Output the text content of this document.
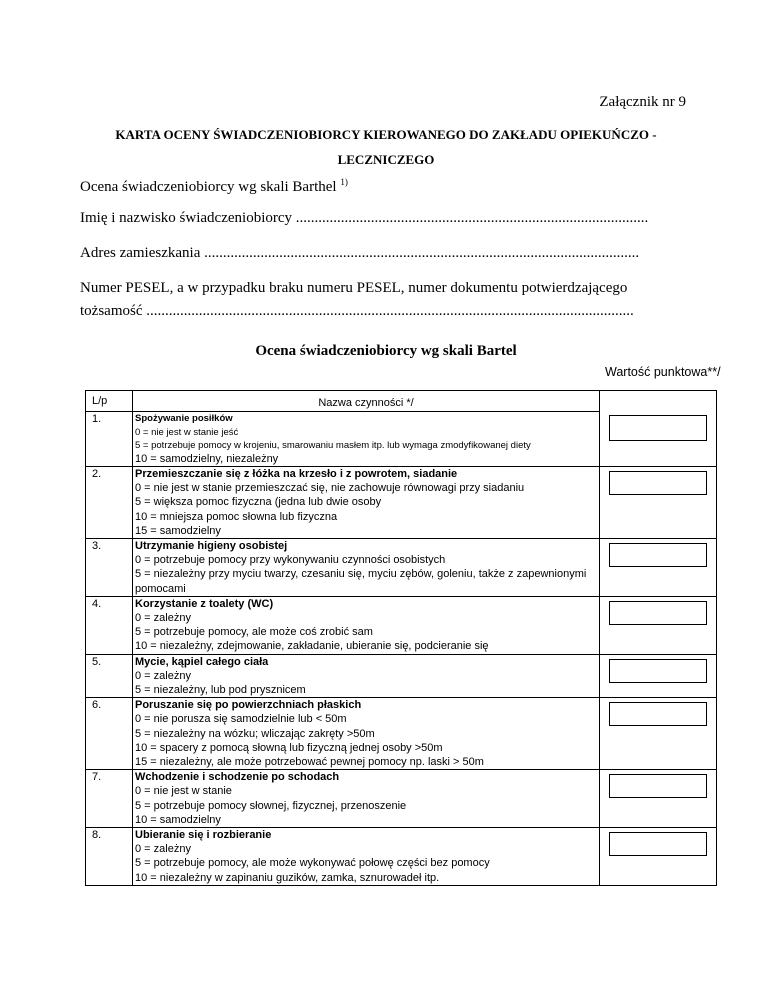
Załącznik nr 9
KARTA OCENY ŚWIADCZENIOBIORCY KIEROWANEGO DO ZAKŁADU OPIEKUŃCZO - LECZNICZEGO
Ocena świadczeniobiorcy wg skali Barthel $^{1)}$
Imię i nazwisko świadczeniobiorcy ..............................................................................................
Adres zamieszkania ....................................................................................................................
Numer PESEL, a w przypadku braku numeru PESEL, numer dokumentu potwierdzającego
tożsamość ..................................................................................................................................
Ocena świadczeniobiorcy wg skali Bartel
Wartość punktowa**/
L/p	Nazwa czynności */	

1.	Spożywanie posiłków
0 = nie jest w stanie jeść
5 = potrzebuje pomocy w krojeniu, smarowaniu masłem itp. lub wymaga zmodyfikowanej diety
10 = samodzielny, niezależny	

2.	Przemieszczanie się z łóżka na krzesło i z powrotem, siadanie
0 = nie jest w stanie przemieszczać się, nie zachowuje równowagi przy siadaniu
5 = większa pomoc fizyczna (jedna lub dwie osoby
10 = mniejsza pomoc słowna lub fizyczna
15 = samodzielny	

3.	Utrzymanie higieny osobistej
0 = potrzebuje pomocy przy wykonywaniu czynności osobistych
5 = niezależny przy myciu twarzy, czesaniu się, myciu zębów, goleniu, także z zapewnionymi pomocami	

4.	Korzystanie z toalety (WC)
0 = zależny
5 = potrzebuje pomocy, ale może coś zrobić sam
10 = niezależny, zdejmowanie, zakładanie, ubieranie się, podcieranie się	

5.	Mycie, kąpiel całego ciała
0 = zależny
5 = niezależny, lub pod prysznicem	

6.	Poruszanie się po powierzchniach płaskich
0 = nie porusza się samodzielnie lub < 50m
5 = niezależny na wózku; wliczając zakręty >50m
10 = spacery z pomocą słowną lub fizyczną jednej osoby >50m
15 = niezależny, ale może potrzebować pewnej pomocy np. laski > 50m	

7.	Wchodzenie i schodzenie po schodach
0 = nie jest w stanie
5 = potrzebuje pomocy słownej, fizycznej, przenoszenie
10 = samodzielny	

8.	Ubieranie się i rozbieranie
0 = zależny
5 = potrzebuje pomocy, ale może wykonywać połowę części bez pomocy
10 = niezależny w zapinaniu guzików, zamka, sznurowadeł itp.	
